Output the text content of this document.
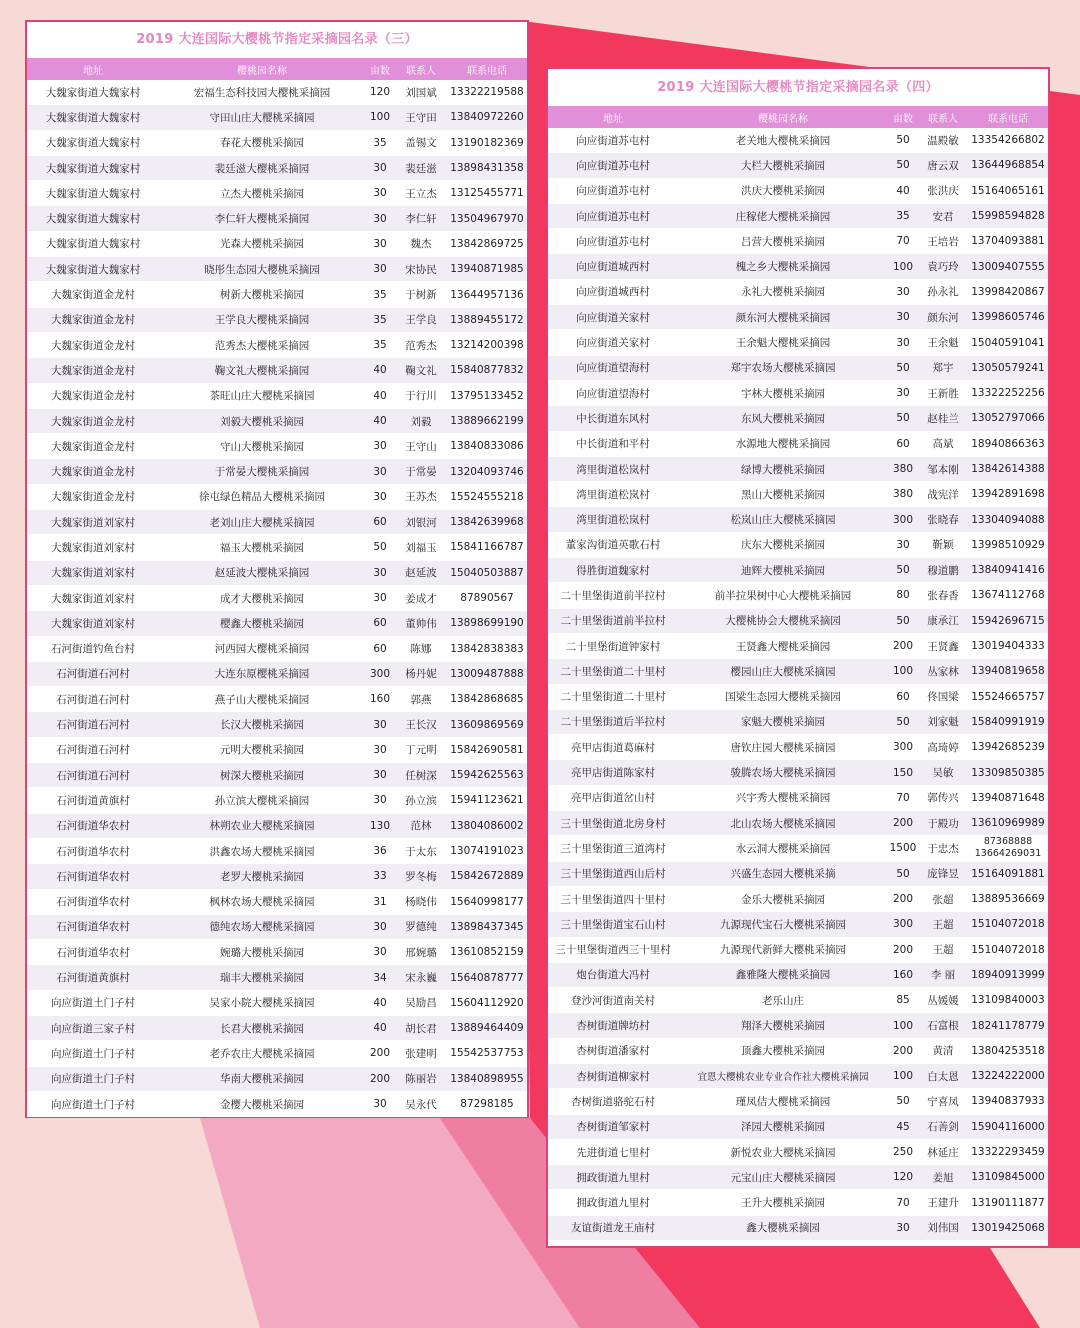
2019 大连国际大樱桃节指定采摘园名录（三）
地址	樱桃园名称	亩数	联系人	联系电话
大魏家街道大魏家村	宏福生态科技园大樱桃采摘园	120	刘国斌	13322219588
大魏家街道大魏家村	守田山庄大樱桃采摘园	100	王守田	13840972260
大魏家街道大魏家村	春花大樱桃采摘园	35	盖锡文	13190182369
大魏家街道大魏家村	裴廷滋大樱桃采摘园	30	裴廷滋	13898431358
大魏家街道大魏家村	立杰大樱桃采摘园	30	王立杰	13125455771
大魏家街道大魏家村	李仁轩大樱桃采摘园	30	李仁轩	13504967970
大魏家街道大魏家村	光森大樱桃采摘园	30	魏杰	13842869725
大魏家街道大魏家村	晓彤生态园大樱桃采摘园	30	宋协民	13940871985
大魏家街道金龙村	树新大樱桃采摘园	35	于树新	13644957136
大魏家街道金龙村	王学良大樱桃采摘园	35	王学良	13889455172
大魏家街道金龙村	范秀杰大樱桃采摘园	35	范秀杰	13214200398
大魏家街道金龙村	鞠文礼大樱桃采摘园	40	鞠文礼	15840877832
大魏家街道金龙村	茶旺山庄大樱桃采摘园	40	于行川	13795133452
大魏家街道金龙村	刘毅大樱桃采摘园	40	刘毅	13889662199
大魏家街道金龙村	守山大樱桃采摘园	30	王守山	13840833086
大魏家街道金龙村	于常晏大樱桃采摘园	30	于常晏	13204093746
大魏家街道金龙村	徐屯绿色精品大樱桃采摘园	30	王苏杰	15524555218
大魏家街道刘家村	老刘山庄大樱桃采摘园	60	刘银河	13842639968
大魏家街道刘家村	福玉大樱桃采摘园	50	刘福玉	15841166787
大魏家街道刘家村	赵延波大樱桃采摘园	30	赵延波	15040503887
大魏家街道刘家村	成才大樱桃采摘园	30	姜成才	87890567
大魏家街道刘家村	樱鑫大樱桃采摘园	60	董帅伟	13898699190
石河街道钓鱼台村	河西园大樱桃采摘园	60	陈娜	13842838383
石河街道石河村	大连东原樱桃采摘园	300	杨丹妮	13009487888
石河街道石河村	燕子山大樱桃采摘园	160	郭燕	13842868685
石河街道石河村	长汉大樱桃采摘园	30	王长汉	13609869569
石河街道石河村	元明大樱桃采摘园	30	丁元明	15842690581
石河街道石河村	树深大樱桃采摘园	30	任树深	15942625563
石河街道黄旗村	孙立滨大樱桃采摘园	30	孙立滨	15941123621
石河街道华农村	林朔农业大樱桃采摘园	130	范林	13804086002
石河街道华农村	洪鑫农场大樱桃采摘园	36	于太东	13074191023
石河街道华农村	老罗大樱桃采摘园	33	罗冬梅	15842672889
石河街道华农村	枫林农场大樱桃采摘园	31	杨晓伟	15640998177
石河街道华农村	德纯农场大樱桃采摘园	30	罗德纯	13898437345
石河街道华农村	婉璐大樱桃采摘园	30	邢婉璐	13610852159
石河街道黄旗村	瑞丰大樱桃采摘园	34	宋永巍	15640878777
向应街道土门子村	吴家小院大樱桃采摘园	40	吴励昌	15604112920
向应街道三家子村	长君大樱桃采摘园	40	胡长君	13889464409
向应街道土门子村	老乔农庄大樱桃采摘园	200	张建明	15542537753
向应街道土门子村	华南大樱桃采摘园	200	陈丽岩	13840898955
向应街道土门子村	金樱大樱桃采摘园	30	吴永代	87298185
2019 大连国际大樱桃节指定采摘园名录（四）
地址	樱桃园名称	亩数	联系人	联系电话
向应街道苏屯村	老关地大樱桃采摘园	50	温殿敏	13354266802
向应街道苏屯村	大栏大樱桃采摘园	50	唐云双	13644968854
向应街道苏屯村	洪庆大樱桃采摘园	40	张洪庆	15164065161
向应街道苏屯村	庄稼佬大樱桃采摘园	35	安君	15998594828
向应街道苏屯村	吕营大樱桃采摘园	70	王培岩	13704093881
向应街道城西村	槐之乡大樱桃采摘园	100	袁巧玲	13009407555
向应街道城西村	永礼大樱桃采摘园	30	孙永礼	13998420867
向应街道关家村	颜东河大樱桃采摘园	30	颜东河	13998605746
向应街道关家村	王余魁大樱桃采摘园	30	王余魁	15040591041
向应街道望海村	郑宇农场大樱桃采摘园	50	郑宇	13050579241
向应街道望海村	宇林大樱桃采摘园	30	王新胜	13322252256
中长街道东风村	东风大樱桃采摘园	50	赵桂兰	13052797066
中长街道和平村	水源地大樱桃采摘园	60	高斌	18940866363
湾里街道松岚村	绿博大樱桃采摘园	380	邹本刚	13842614388
湾里街道松岚村	黑山大樱桃采摘园	380	战宪洋	13942891698
湾里街道松岚村	松岚山庄大樱桃采摘园	300	张晓春	13304094088
董家沟街道英歌石村	庆东大樱桃采摘园	30	靳颖	13998510929
得胜街道魏家村	迪辉大樱桃采摘园	50	穆道鹏	13840941416
二十里堡街道前半拉村	前半拉果树中心大樱桃采摘园	80	张春香	13674112768
二十里堡街道前半拉村	大樱桃协会大樱桃采摘园	50	康承江	15942696715
二十里堡街道钟家村	王贤鑫大樱桃采摘园	200	王贤鑫	13019404333
二十里堡街道二十里村	樱园山庄大樱桃采摘园	100	丛家林	13940819658
二十里堡街道二十里村	国梁生态园大樱桃采摘园	60	佟国梁	15524665757
二十里堡街道后半拉村	家魁大樱桃采摘园	50	刘家魁	15840991919
亮甲店街道葛麻村	唐钦庄园大樱桃采摘园	300	高琦婷	13942685239
亮甲店街道陈家村	骏腾农场大樱桃采摘园	150	吴敏	13309850385
亮甲店街道岔山村	兴宇秀大樱桃采摘园	70	郭传兴	13940871648
三十里堡街道北房身村	北山农场大樱桃采摘园	200	于殿功	13610969989
三十里堡街道三道湾村	水云洞大樱桃采摘园	1500	于忠杰	87368888 13664269031
三十里堡街道西山后村	兴盛生态园大樱桃采摘	50	庞锋昱	15164091881
三十里堡街道四十里村	金乐大樱桃采摘园	200	张超	13889536669
三十里堡街道宝石山村	九源现代宝石大樱桃采摘园	300	王超	15104072018
三十里堡街道西三十里村	九源现代新鲜大樱桃采摘园	200	王超	15104072018
炮台街道大冯村	鑫雅隆大樱桃采摘园	160	李 丽	18940913999
登沙河街道南关村	老乐山庄	85	丛媛媛	13109840003
杏树街道牌坊村	翔泽大樱桃采摘园	100	石富根	18241178779
杏树街道潘家村	顶鑫大樱桃采摘园	200	黄清	13804253518
杏树街道柳家村	宜恩大樱桃农业专业合作社大樱桃采摘园	100	白太恩	13224222000
杏树街道骆驼石村	瑾凤佶大樱桃采摘园	50	宁喜凤	13940837933
杏树街道邹家村	泽园大樱桃采摘园	45	石善剑	15904116000
先进街道七里村	新悦农业大樱桃采摘园	250	林延庄	13322293459
拥政街道九里村	元宝山庄大樱桃采摘园	120	姜旭	13109845000
拥政街道九里村	王升大樱桃采摘园	70	王建升	13190111877
友谊街道龙王庙村	鑫大樱桃采摘园	30	刘伟国	13019425068
